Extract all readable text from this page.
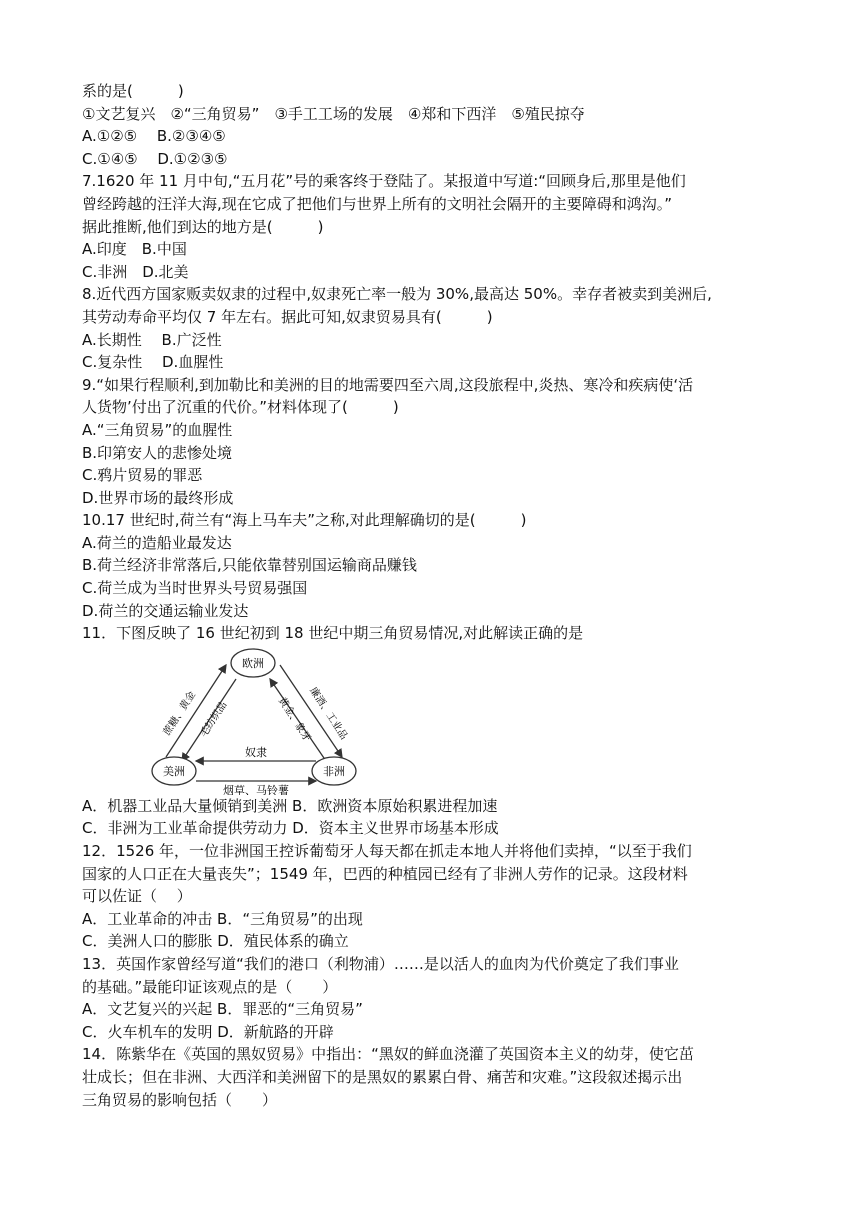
系的是(　　　)
①文艺复兴　②“三角贸易”　③手工工场的发展　④郑和下西洋　⑤殖民掠夺
A.①②⑤　 B.②③④⑤
C.①④⑤　 D.①②③⑤
7.1620 年 11 月中旬,“五月花”号的乘客终于登陆了。某报道中写道:“回顾身后,那里是他们
曾经跨越的汪洋大海,现在它成了把他们与世界上所有的文明社会隔开的主要障碍和鸿沟。”
据此推断,他们到达的地方是(　　　)
A.印度　B.中国
C.非洲　D.北美
8.近代西方国家贩卖奴隶的过程中,奴隶死亡率一般为 30%,最高达 50%。幸存者被卖到美洲后,
其劳动寿命平均仅 7 年左右。据此可知,奴隶贸易具有(　　　)
A.长期性　 B.广泛性
C.复杂性　 D.血腥性
9.“如果行程顺利,到加勒比和美洲的目的地需要四至六周,这段旅程中,炎热、寒冷和疾病使‘活
人货物’付出了沉重的代价。”材料体现了(　　　)
A.“三角贸易”的血腥性
B.印第安人的悲惨处境
C.鸦片贸易的罪恶
D.世界市场的最终形成
10.17 世纪时,荷兰有“海上马车夫”之称,对此理解确切的是(　　　)
A.荷兰的造船业最发达
B.荷兰经济非常落后,只能依靠替别国运输商品赚钱
C.荷兰成为当时世界头号贸易强国
D.荷兰的交通运输业发达
11．下图反映了 16 世纪初到 18 世纪中期三角贸易情况,对此解读正确的是
欧洲
美洲	非洲
蔗糖、黄金 毛纺织品	黄金、象牙
廉酒、工业品
奴隶
烟草、马铃薯
A．机器工业品大量倾销到美洲 B．欧洲资本原始积累进程加速
C．非洲为工业革命提供劳动力 D．资本主义世界市场基本形成
12．1526 年，一位非洲国王控诉葡萄牙人每天都在抓走本地人并将他们卖掉，“以至于我们
国家的人口正在大量丧失”；1549 年，巴西的种植园已经有了非洲人劳作的记录。这段材料
可以佐证（　 ）
A．工业革命的冲击 B．“三角贸易”的出现
C．美洲人口的膨胀 D．殖民体系的确立
13．英国作家曾经写道“我们的港口（利物浦）……是以活人的血肉为代价奠定了我们事业
的基础。”最能印证该观点的是（　　）
A．文艺复兴的兴起 B．罪恶的“三角贸易”
C．火车机车的发明 D．新航路的开辟
14．陈紫华在《英国的黑奴贸易》中指出：“黑奴的鲜血浇灌了英国资本主义的幼芽，使它茁
壮成长；但在非洲、大西洋和美洲留下的是黑奴的累累白骨、痛苦和灾难。”这段叙述揭示出
三角贸易的影响包括（　　）
